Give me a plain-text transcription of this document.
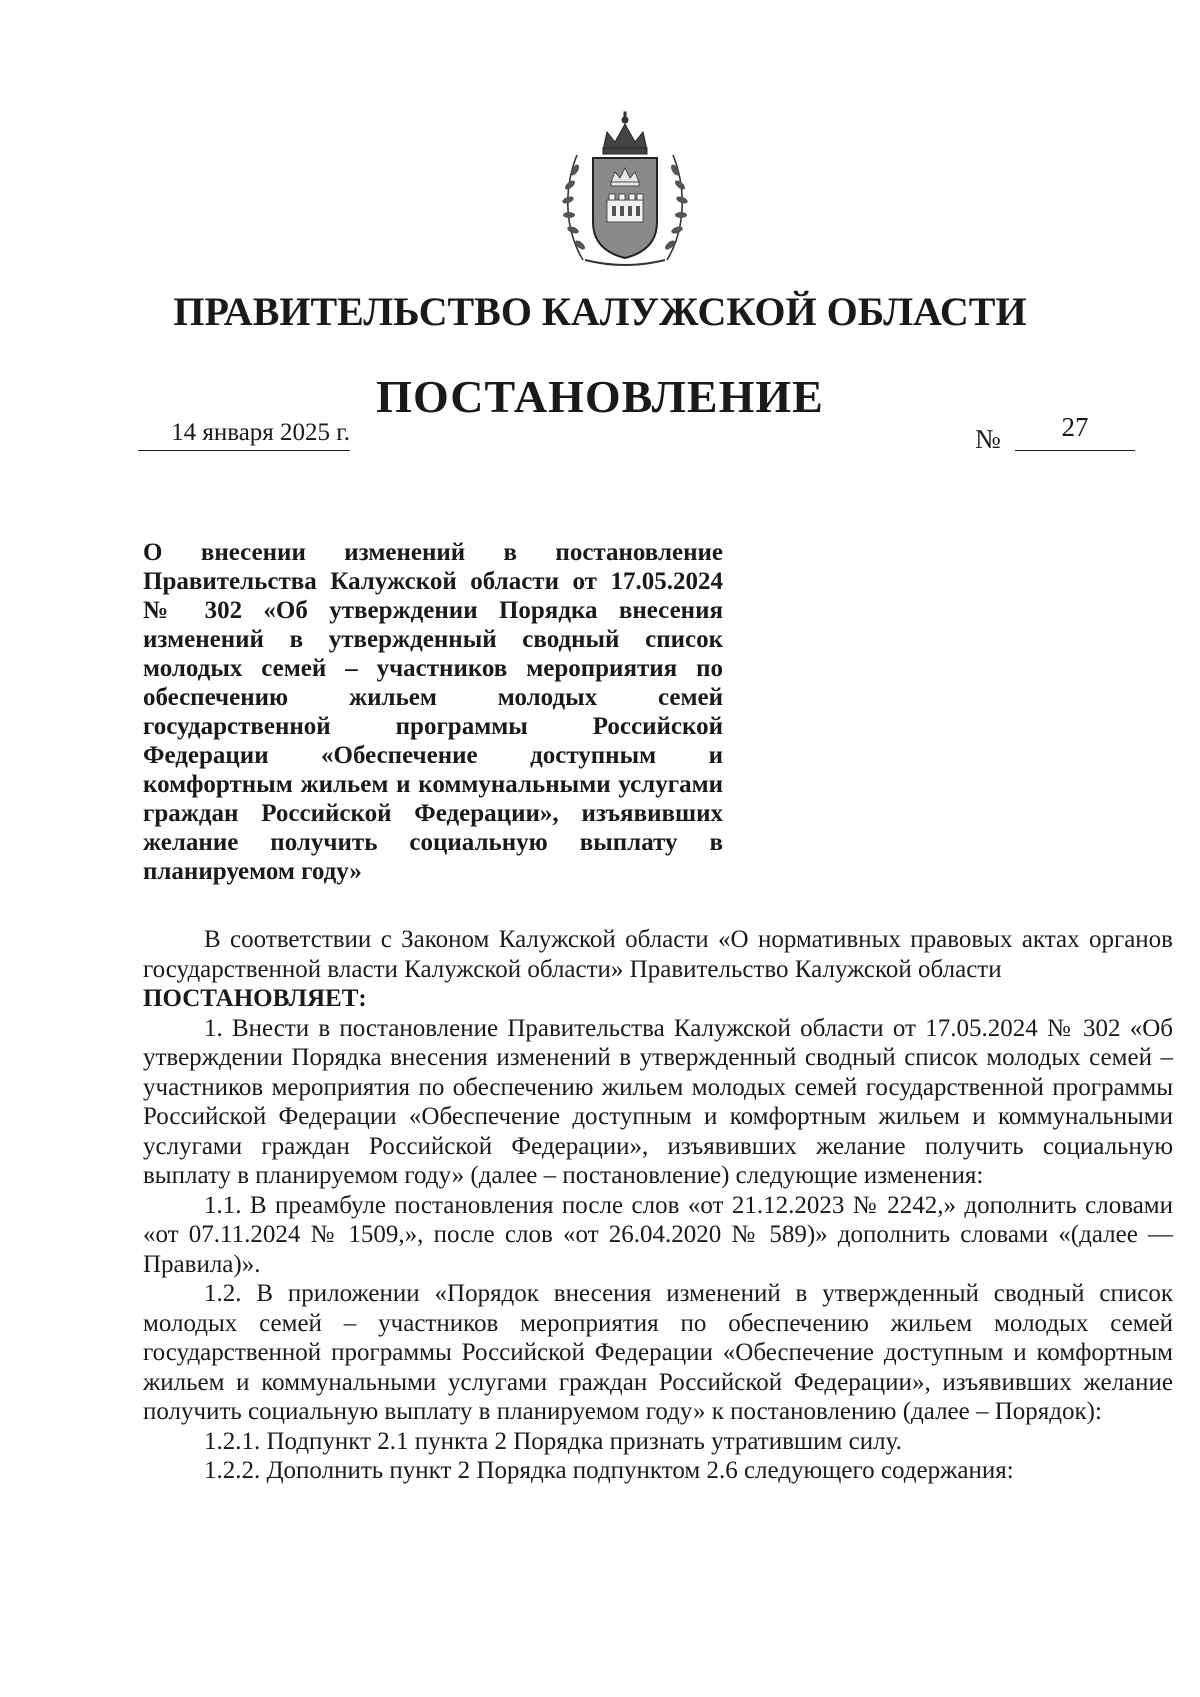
ПРАВИТЕЛЬСТВО КАЛУЖСКОЙ ОБЛАСТИ
ПОСТАНОВЛЕНИЕ
14 января 2025 г.	№	27
О внесении изменений в постановление Правительства Калужской области от 17.05.2024 № 302 «Об утверждении Порядка внесения изменений в утвержденный сводный список молодых семей – участников мероприятия по обеспечению жильем молодых семей государственной программы Российской Федерации «Обеспечение доступным и комфортным жильем и коммунальными услугами граждан Российской Федерации», изъявивших желание получить социальную выплату в планируемом году»

В соответствии с Законом Калужской области «О нормативных правовых актах органов государственной власти Калужской области» Правительство Калужской области

ПОСТАНОВЛЯЕТ:

1. Внести в постановление Правительства Калужской области от 17.05.2024 № 302 «Об утверждении Порядка внесения изменений в утвержденный сводный список молодых семей – участников мероприятия по обеспечению жильем молодых семей государственной программы Российской Федерации «Обеспечение доступным и комфортным жильем и коммунальными услугами граждан Российской Федерации», изъявивших желание получить социальную выплату в планируемом году» (далее – постановление) следующие изменения:

1.1. В преамбуле постановления после слов «от 21.12.2023 № 2242,» дополнить словами «от 07.11.2024 № 1509,», после слов «от 26.04.2020 № 589)» дополнить словами «(далее — Правила)».

1.2. В приложении «Порядок внесения изменений в утвержденный сводный список молодых семей – участников мероприятия по обеспечению жильем молодых семей государственной программы Российской Федерации «Обеспечение доступным и комфортным жильем и коммунальными услугами граждан Российской Федерации», изъявивших желание получить социальную выплату в планируемом году» к постановлению (далее – Порядок):

1.2.1. Подпункт 2.1 пункта 2 Порядка признать утратившим силу.

1.2.2. Дополнить пункт 2 Порядка подпунктом 2.6 следующего содержания:
